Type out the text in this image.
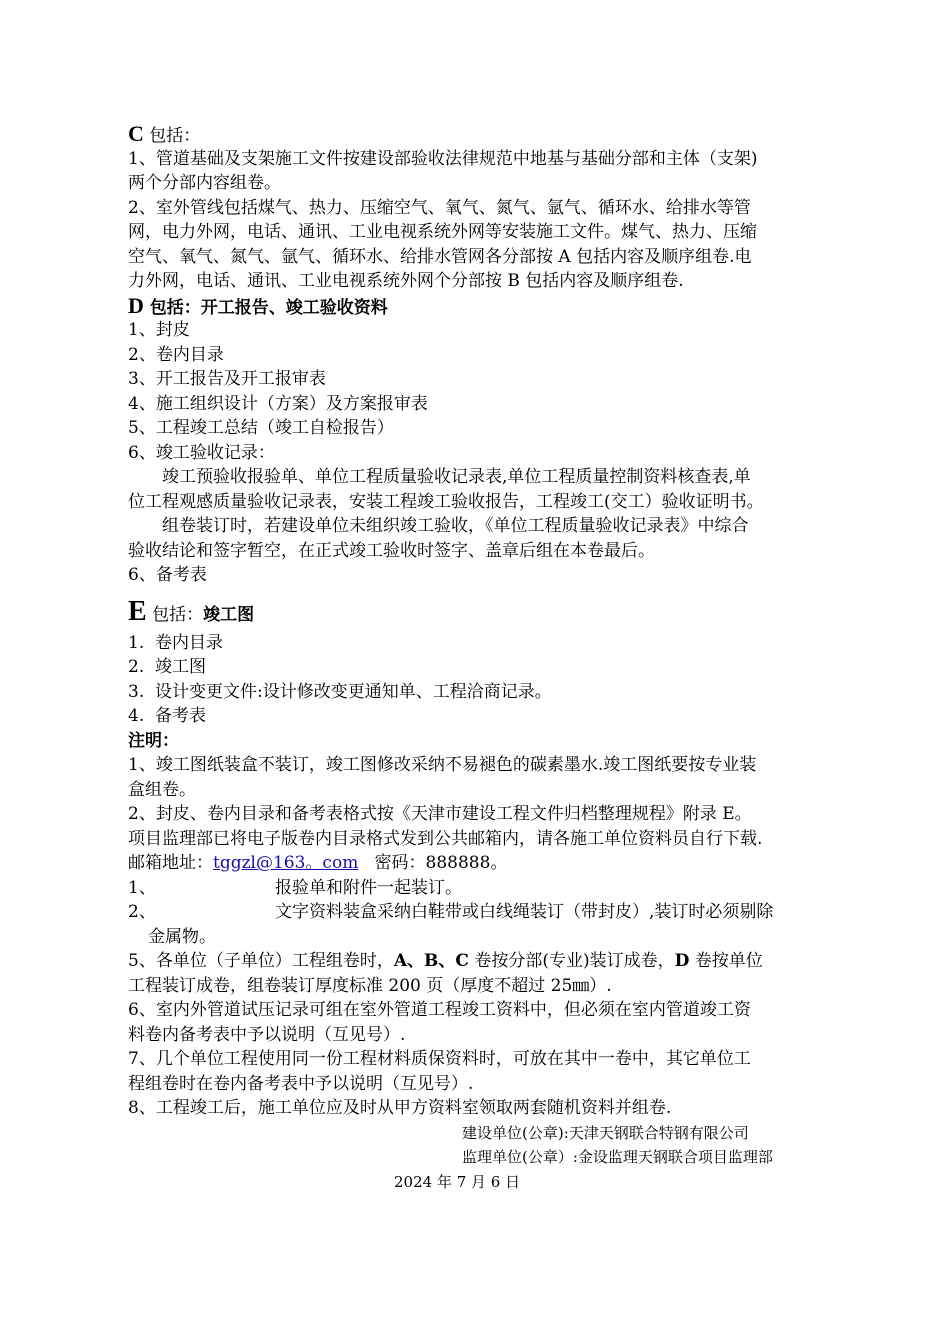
C 包括：
1、管道基础及支架施工文件按建设部验收法律规范中地基与基础分部和主体（支架)
两个分部内容组卷。
2、室外管线包括煤气、热力、压缩空气、氧气、氮气、氩气、循环水、给排水等管
网，电力外网，电话、通讯、工业电视系统外网等安装施工文件。煤气、热力、压缩
空气、氧气、氮气、氩气、循环水、给排水管网各分部按 A 包括内容及顺序组卷.电
力外网，电话、通讯、工业电视系统外网个分部按 B 包括内容及顺序组卷.
D 包括：开工报告、竣工验收资料
1、封皮
2、卷内目录
3、开工报告及开工报审表
4、施工组织设计（方案）及方案报审表
5、工程竣工总结（竣工自检报告）
6、竣工验收记录：
竣工预验收报验单、单位工程质量验收记录表,单位工程质量控制资料核查表,单
位工程观感质量验收记录表，安装工程竣工验收报告，工程竣工(交工）验收证明书。
组卷装订时，若建设单位未组织竣工验收，《单位工程质量验收记录表》中综合
验收结论和签字暂空，在正式竣工验收时签字、盖章后组在本卷最后。
6、备考表
E 包括：竣工图
1. 卷内目录
2. 竣工图
3. 设计变更文件:设计修改变更通知单、工程洽商记录。
4. 备考表
注明：
1、竣工图纸装盒不装订，竣工图修改采纳不易褪色的碳素墨水.竣工图纸要按专业装
盒组卷。
2、封皮、卷内目录和备考表格式按《天津市建设工程文件归档整理规程》附录 E。
项目监理部已将电子版卷内目录格式发到公共邮箱内，请各施工单位资料员自行下载.
邮箱地址：tggzl@163。com 密码：888888。
1、	报验单和附件一起装订。
2、	文字资料装盒采纳白鞋带或白线绳装订（带封皮）,装订时必须剔除
金属物。
5、各单位（子单位）工程组卷时，A、B、C 卷按分部(专业)装订成卷，D 卷按单位
工程装订成卷，组卷装订厚度标准 200 页（厚度不超过 25㎜）.
6、室内外管道试压记录可组在室外管道工程竣工资料中，但必须在室内管道竣工资
料卷内备考表中予以说明（互见号）.
7、几个单位工程使用同一份工程材料质保资料时，可放在其中一卷中，其它单位工
程组卷时在卷内备考表中予以说明（互见号）.
8、工程竣工后，施工单位应及时从甲方资料室领取两套随机资料并组卷.
建设单位(公章):天津天钢联合特钢有限公司
监理单位(公章）:金设监理天钢联合项目监理部
2024 年 7 月 6 日
